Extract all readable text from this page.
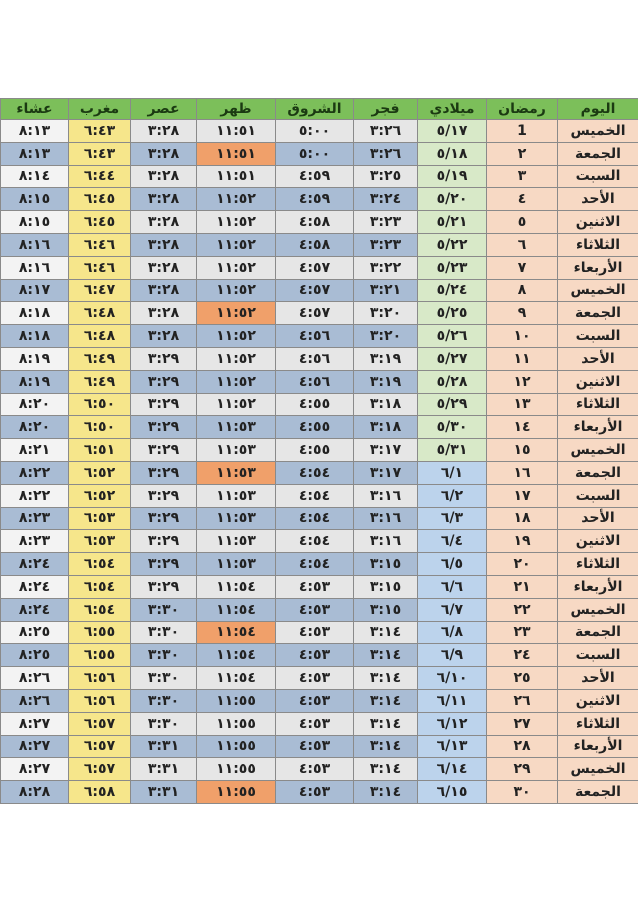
اليوم	رمضان	ميلادي	فجر	الشروق	ظهر	عصر	مغرب	عشاء
الخميس	1	٥/١٧	٣:٢٦	٥:٠٠	١١:٥١	٣:٢٨	٦:٤٣	٨:١٣
الجمعة	٢	٥/١٨	٣:٢٦	٥:٠٠	١١:٥١	٣:٢٨	٦:٤٣	٨:١٣
السبت	٣	٥/١٩	٣:٢٥	٤:٥٩	١١:٥١	٣:٢٨	٦:٤٤	٨:١٤
الأحد	٤	٥/٢٠	٣:٢٤	٤:٥٩	١١:٥٢	٣:٢٨	٦:٤٥	٨:١٥
الاثنين	٥	٥/٢١	٣:٢٣	٤:٥٨	١١:٥٢	٣:٢٨	٦:٤٥	٨:١٥
الثلاثاء	٦	٥/٢٢	٣:٢٣	٤:٥٨	١١:٥٢	٣:٢٨	٦:٤٦	٨:١٦
الأربعاء	٧	٥/٢٣	٣:٢٢	٤:٥٧	١١:٥٢	٣:٢٨	٦:٤٦	٨:١٦
الخميس	٨	٥/٢٤	٣:٢١	٤:٥٧	١١:٥٢	٣:٢٨	٦:٤٧	٨:١٧
الجمعة	٩	٥/٢٥	٣:٢٠	٤:٥٧	١١:٥٢	٣:٢٨	٦:٤٨	٨:١٨
السبت	١٠	٥/٢٦	٣:٢٠	٤:٥٦	١١:٥٢	٣:٢٨	٦:٤٨	٨:١٨
الأحد	١١	٥/٢٧	٣:١٩	٤:٥٦	١١:٥٢	٣:٢٩	٦:٤٩	٨:١٩
الاثنين	١٢	٥/٢٨	٣:١٩	٤:٥٦	١١:٥٢	٣:٢٩	٦:٤٩	٨:١٩
الثلاثاء	١٣	٥/٢٩	٣:١٨	٤:٥٥	١١:٥٢	٣:٢٩	٦:٥٠	٨:٢٠
الأربعاء	١٤	٥/٣٠	٣:١٨	٤:٥٥	١١:٥٣	٣:٢٩	٦:٥٠	٨:٢٠
الخميس	١٥	٥/٣١	٣:١٧	٤:٥٥	١١:٥٣	٣:٢٩	٦:٥١	٨:٢١
الجمعة	١٦	٦/١	٣:١٧	٤:٥٤	١١:٥٣	٣:٢٩	٦:٥٢	٨:٢٢
السبت	١٧	٦/٢	٣:١٦	٤:٥٤	١١:٥٣	٣:٢٩	٦:٥٢	٨:٢٢
الأحد	١٨	٦/٣	٣:١٦	٤:٥٤	١١:٥٣	٣:٢٩	٦:٥٣	٨:٢٣
الاثنين	١٩	٦/٤	٣:١٦	٤:٥٤	١١:٥٣	٣:٢٩	٦:٥٣	٨:٢٣
الثلاثاء	٢٠	٦/٥	٣:١٥	٤:٥٤	١١:٥٣	٣:٢٩	٦:٥٤	٨:٢٤
الأربعاء	٢١	٦/٦	٣:١٥	٤:٥٣	١١:٥٤	٣:٢٩	٦:٥٤	٨:٢٤
الخميس	٢٢	٦/٧	٣:١٥	٤:٥٣	١١:٥٤	٣:٣٠	٦:٥٤	٨:٢٤
الجمعة	٢٣	٦/٨	٣:١٤	٤:٥٣	١١:٥٤	٣:٣٠	٦:٥٥	٨:٢٥
السبت	٢٤	٦/٩	٣:١٤	٤:٥٣	١١:٥٤	٣:٣٠	٦:٥٥	٨:٢٥
الأحد	٢٥	٦/١٠	٣:١٤	٤:٥٣	١١:٥٤	٣:٣٠	٦:٥٦	٨:٢٦
الاثنين	٢٦	٦/١١	٣:١٤	٤:٥٣	١١:٥٥	٣:٣٠	٦:٥٦	٨:٢٦
الثلاثاء	٢٧	٦/١٢	٣:١٤	٤:٥٣	١١:٥٥	٣:٣٠	٦:٥٧	٨:٢٧
الأربعاء	٢٨	٦/١٣	٣:١٤	٤:٥٣	١١:٥٥	٣:٣١	٦:٥٧	٨:٢٧
الخميس	٢٩	٦/١٤	٣:١٤	٤:٥٣	١١:٥٥	٣:٣١	٦:٥٧	٨:٢٧
الجمعة	٣٠	٦/١٥	٣:١٤	٤:٥٣	١١:٥٥	٣:٣١	٦:٥٨	٨:٢٨
